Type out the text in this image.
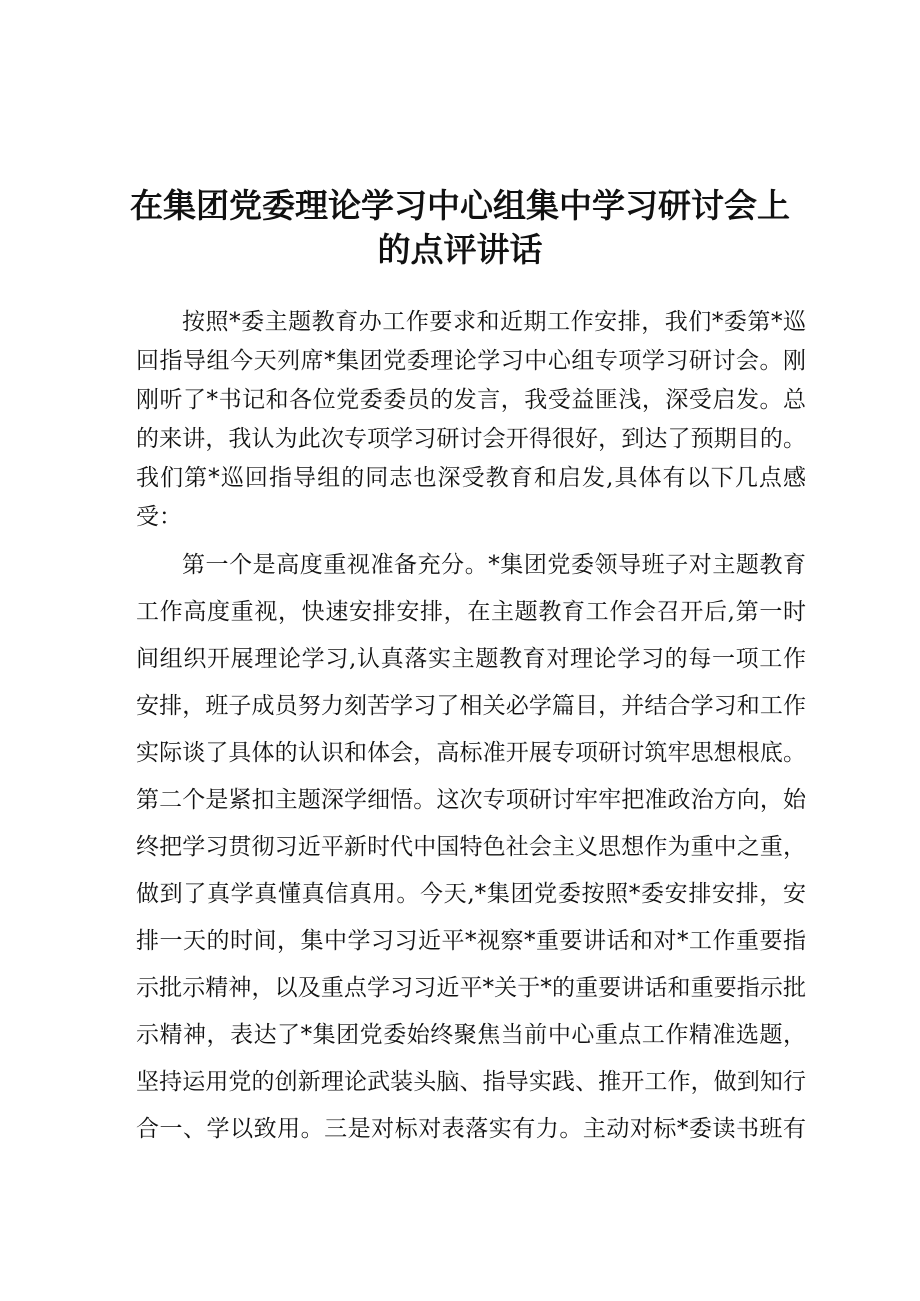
在集团党委理论学习中心组集中学习研讨会上
的点评讲话
按照*委主题教育办工作要求和近期工作安排，我们*委第*巡
回指导组今天列席*集团党委理论学习中心组专项学习研讨会。刚
刚听了*书记和各位党委委员的发言，我受益匪浅，深受启发。总
的来讲，我认为此次专项学习研讨会开得很好，到达了预期目的。
我们第*巡回指导组的同志也深受教育和启发,具体有以下几点感
受：
第一个是高度重视准备充分。*集团党委领导班子对主题教育
工作高度重视，快速安排安排，在主题教育工作会召开后,第一时
间组织开展理论学习,认真落实主题教育对理论学习的每一项工作
安排，班子成员努力刻苦学习了相关必学篇目，并结合学习和工作
实际谈了具体的认识和体会，高标准开展专项研讨筑牢思想根底。
第二个是紧扣主题深学细悟。这次专项研讨牢牢把准政治方向，始
终把学习贯彻习近平新时代中国特色社会主义思想作为重中之重，
做到了真学真懂真信真用。今天,*集团党委按照*委安排安排，安
排一天的时间，集中学习习近平*视察*重要讲话和对*工作重要指
示批示精神，以及重点学习习近平*关于*的重要讲话和重要指示批
示精神，表达了*集团党委始终聚焦当前中心重点工作精准选题，
坚持运用党的创新理论武装头脑、指导实践、推开工作，做到知行
合一、学以致用。三是对标对表落实有力。主动对标*委读书班有
